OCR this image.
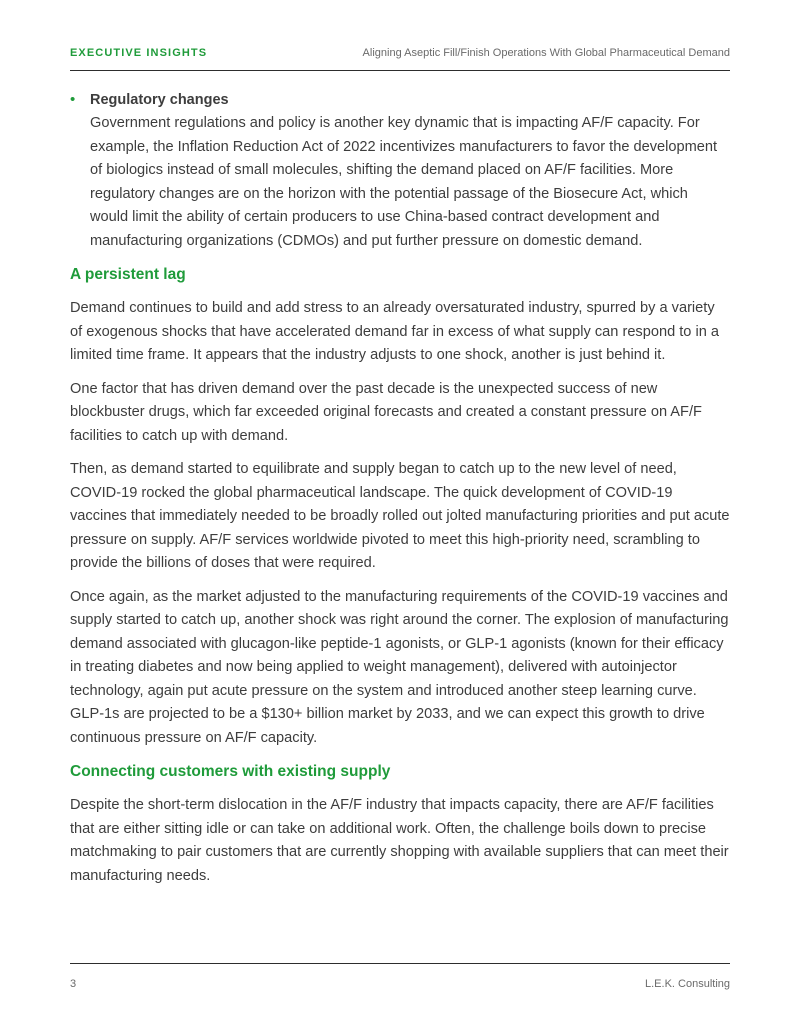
EXECUTIVE INSIGHTS	Aligning Aseptic Fill/Finish Operations With Global Pharmaceutical Demand
• Regulatory changes

Government regulations and policy is another key dynamic that is impacting AF/F capacity. For example, the Inflation Reduction Act of 2022 incentivizes manufacturers to favor the development of biologics instead of small molecules, shifting the demand placed on AF/F facilities. More regulatory changes are on the horizon with the potential passage of the Biosecure Act, which would limit the ability of certain producers to use China-based contract development and manufacturing organizations (CDMOs) and put further pressure on domestic demand.

A persistent lag

Demand continues to build and add stress to an already oversaturated industry, spurred by a variety of exogenous shocks that have accelerated demand far in excess of what supply can respond to in a limited time frame. It appears that the industry adjusts to one shock, another is just behind it.

One factor that has driven demand over the past decade is the unexpected success of new blockbuster drugs, which far exceeded original forecasts and created a constant pressure on AF/F facilities to catch up with demand.

Then, as demand started to equilibrate and supply began to catch up to the new level of need, COVID-19 rocked the global pharmaceutical landscape. The quick development of COVID-19 vaccines that immediately needed to be broadly rolled out jolted manufacturing priorities and put acute pressure on supply. AF/F services worldwide pivoted to meet this high-priority need, scrambling to provide the billions of doses that were required.

Once again, as the market adjusted to the manufacturing requirements of the COVID-19 vaccines and supply started to catch up, another shock was right around the corner. The explosion of manufacturing demand associated with glucagon-like peptide-1 agonists, or GLP-1 agonists (known for their efficacy in treating diabetes and now being applied to weight management), delivered with autoinjector technology, again put acute pressure on the system and introduced another steep learning curve. GLP-1s are projected to be a $130+ billion market by 2033, and we can expect this growth to drive continuous pressure on AF/F capacity.

Connecting customers with existing supply

Despite the short-term dislocation in the AF/F industry that impacts capacity, there are AF/F facilities that are either sitting idle or can take on additional work. Often, the challenge boils down to precise matchmaking to pair customers that are currently shopping with available suppliers that can meet their manufacturing needs.

3	L.E.K. Consulting
